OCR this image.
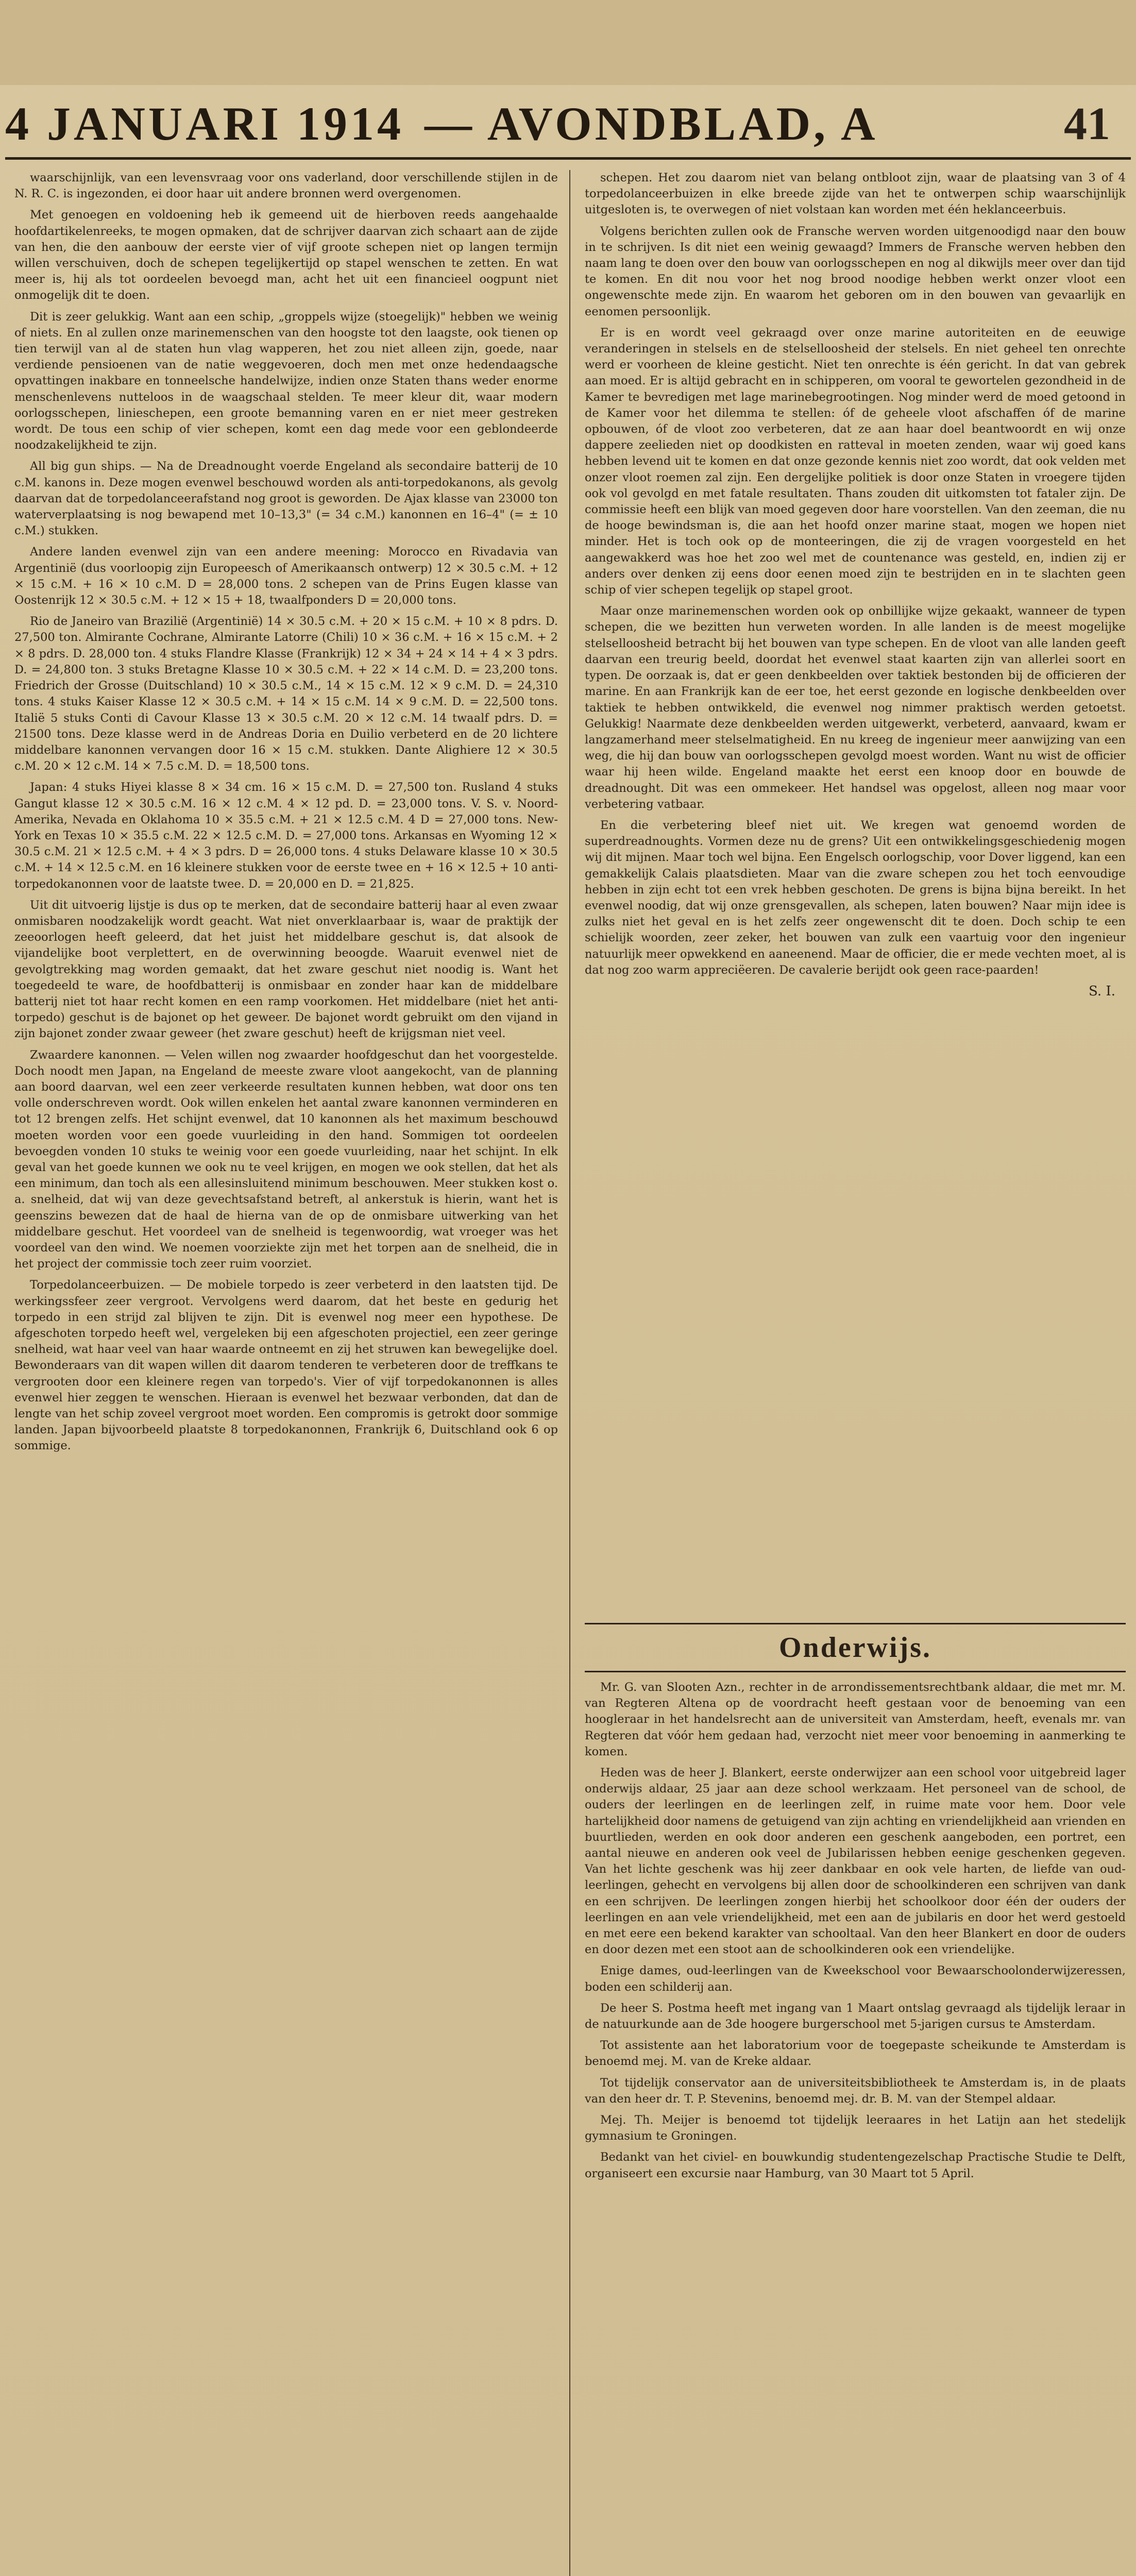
4 JANUARI 1914 — AVONDBLAD, A	41

waarschijnlijk, van een levensvraag voor ons vaderland, door verschillende stijlen in de N. R. C. is ingezonden, ei door haar uit andere bronnen werd overgenomen.

Met genoegen en voldoening heb ik gemeend uit de hierboven reeds aangehaalde hoofdartikelenreeks, te mogen opmaken, dat de schrijver daarvan zich schaart aan de zijde van hen, die den aanbouw der eerste vier of vijf groote schepen niet op langen termijn willen verschuiven, doch de schepen tegelijkertijd op stapel wenschen te zetten. En wat meer is, hij als tot oordeelen bevoegd man, acht het uit een financieel oogpunt niet onmogelijk dit te doen.

Dit is zeer gelukkig. Want aan een schip, „groppels wijze (stoegelijk)" hebben we weinig of niets. En al zullen onze marinemenschen van den hoogste tot den laagste, ook tienen op tien terwijl van al de staten hun vlag wapperen, het zou niet alleen zijn, goede, naar verdiende pensioenen van de natie weggevoeren, doch men met onze hedendaagsche opvattingen inakbare en tonneelsche handelwijze, indien onze Staten thans weder enorme menschenlevens nutteloos in de waagschaal stelden. Te meer kleur dit, waar modern oorlogsschepen, linieschepen, een groote bemanning varen en er niet meer gestreken wordt. De tous een schip of vier schepen, komt een dag mede voor een geblondeerde noodzakelijkheid te zijn.

All big gun ships. — Na de Dreadnought voerde Engeland als secondaire batterij de 10 c.M. kanons in. Deze mogen evenwel beschouwd worden als anti-torpedokanons, als gevolg daarvan dat de torpedolanceerafstand nog groot is geworden. De Ajax klasse van 23000 ton waterverplaatsing is nog bewapend met 10–13,3" (= 34 c.M.) kanonnen en 16–4" (= ± 10 c.M.) stukken.

Andere landen evenwel zijn van een andere meening: Morocco en Rivadavia van Argentinië (dus voorloopig zijn Europeesch of Amerikaansch ontwerp) 12 × 30.5 c.M. + 12 × 15 c.M. + 16 × 10 c.M. D = 28,000 tons. 2 schepen van de Prins Eugen klasse van Oostenrijk 12 × 30.5 c.M. + 12 × 15 + 18, twaalfponders D = 20,000 tons.

Rio de Janeiro van Brazilië (Argentinië) 14 × 30.5 c.M. + 20 × 15 c.M. + 10 × 8 pdrs. D. 27,500 ton. Almirante Cochrane, Almirante Latorre (Chili) 10 × 36 c.M. + 16 × 15 c.M. + 2 × 8 pdrs. D. 28,000 ton. 4 stuks Flandre Klasse (Frankrijk) 12 × 34 + 24 × 14 + 4 × 3 pdrs. D. = 24,800 ton. 3 stuks Bretagne Klasse 10 × 30.5 c.M. + 22 × 14 c.M. D. = 23,200 tons. Friedrich der Grosse (Duitschland) 10 × 30.5 c.M., 14 × 15 c.M. 12 × 9 c.M. D. = 24,310 tons. 4 stuks Kaiser Klasse 12 × 30.5 c.M. + 14 × 15 c.M. 14 × 9 c.M. D. = 22,500 tons. Italië 5 stuks Conti di Cavour Klasse 13 × 30.5 c.M. 20 × 12 c.M. 14 twaalf pdrs. D. = 21500 tons. Deze klasse werd in de Andreas Doria en Duilio verbeterd en de 20 lichtere middelbare kanonnen vervangen door 16 × 15 c.M. stukken. Dante Alighiere 12 × 30.5 c.M. 20 × 12 c.M. 14 × 7.5 c.M. D. = 18,500 tons.

Japan: 4 stuks Hiyei klasse 8 × 34 cm. 16 × 15 c.M. D. = 27,500 ton. Rusland 4 stuks Gangut klasse 12 × 30.5 c.M. 16 × 12 c.M. 4 × 12 pd. D. = 23,000 tons. V. S. v. Noord-Amerika, Nevada en Oklahoma 10 × 35.5 c.M. + 21 × 12.5 c.M. 4 D = 27,000 tons. New-York en Texas 10 × 35.5 c.M. 22 × 12.5 c.M. D. = 27,000 tons. Arkansas en Wyoming 12 × 30.5 c.M. 21 × 12.5 c.M. + 4 × 3 pdrs. D = 26,000 tons. 4 stuks Delaware klasse 10 × 30.5 c.M. + 14 × 12.5 c.M. en 16 kleinere stukken voor de eerste twee en + 16 × 12.5 + 10 anti-torpedokanonnen voor de laatste twee. D. = 20,000 en D. = 21,825.

Uit dit uitvoerig lijstje is dus op te merken, dat de secondaire batterij haar al even zwaar onmisbaren noodzakelijk wordt geacht. Wat niet onverklaarbaar is, waar de praktijk der zeeoorlogen heeft geleerd, dat het juist het middelbare geschut is, dat alsook de vijandelijke boot verplettert, en de overwinning beoogde. Waaruit evenwel niet de gevolgtrekking mag worden gemaakt, dat het zware geschut niet noodig is. Want het toegedeeld te ware, de hoofdbatterij is onmisbaar en zonder haar kan de middelbare batterij niet tot haar recht komen en een ramp voorkomen. Het middelbare (niet het anti-torpedo) geschut is de bajonet op het geweer. De bajonet wordt gebruikt om den vijand in zijn bajonet zonder zwaar geweer (het zware geschut) heeft de krijgsman niet veel.

Zwaardere kanonnen. — Velen willen nog zwaarder hoofdgeschut dan het voorgestelde. Doch noodt men Japan, na Engeland de meeste zware vloot aangekocht, van de planning aan boord daarvan, wel een zeer verkeerde resultaten kunnen hebben, wat door ons ten volle onderschreven wordt. Ook willen enkelen het aantal zware kanonnen verminderen en tot 12 brengen zelfs. Het schijnt evenwel, dat 10 kanonnen als het maximum beschouwd moeten worden voor een goede vuurleiding in den hand. Sommigen tot oordeelen bevoegden vonden 10 stuks te weinig voor een goede vuurleiding, naar het schijnt. In elk geval van het goede kunnen we ook nu te veel krijgen, en mogen we ook stellen, dat het als een minimum, dan toch als een allesinsluitend minimum beschouwen. Meer stukken kost o. a. snelheid, dat wij van deze gevechtsafstand betreft, al ankerstuk is hierin, want het is geenszins bewezen dat de haal de hierna van de op de onmisbare uitwerking van het middelbare geschut. Het voordeel van de snelheid is tegenwoordig, wat vroeger was het voordeel van den wind. We noemen voorziekte zijn met het torpen aan de snelheid, die in het project der commissie toch zeer ruim voorziet.

Torpedolanceerbuizen. — De mobiele torpedo is zeer verbeterd in den laatsten tijd. De werkingssfeer zeer vergroot. Vervolgens werd daarom, dat het beste en gedurig het torpedo in een strijd zal blijven te zijn. Dit is evenwel nog meer een hypothese. De afgeschoten torpedo heeft wel, vergeleken bij een afgeschoten projectiel, een zeer geringe snelheid, wat haar veel van haar waarde ontneemt en zij het struwen kan bewegelijke doel. Bewonderaars van dit wapen willen dit daarom tenderen te verbeteren door de treffkans te vergrooten door een kleinere regen van torpedo's. Vier of vijf torpedokanonnen is alles evenwel hier zeggen te wenschen. Hieraan is evenwel het bezwaar verbonden, dat dan de lengte van het schip zoveel vergroot moet worden. Een compromis is getrokt door sommige landen. Japan bijvoorbeeld plaatste 8 torpedokanonnen, Frankrijk 6, Duitschland ook 6 op sommige.

schepen. Het zou daarom niet van belang ontbloot zijn, waar de plaatsing van 3 of 4 torpedolanceerbuizen in elke breede zijde van het te ontwerpen schip waarschijnlijk uitgesloten is, te overwegen of niet volstaan kan worden met één heklanceerbuis.

Volgens berichten zullen ook de Fransche werven worden uitgenoodigd naar den bouw in te schrijven. Is dit niet een weinig gewaagd? Immers de Fransche werven hebben den naam lang te doen over den bouw van oorlogsschepen en nog al dikwijls meer over dan tijd te komen. En dit nou voor het nog brood noodige hebben werkt onzer vloot een ongewenschte mede zijn. En waarom het geboren om in den bouwen van gevaarlijk en eenomen persoonlijk.

Er is en wordt veel gekraagd over onze marine autoriteiten en de eeuwige veranderingen in stelsels en de stelselloosheid der stelsels. En niet geheel ten onrechte werd er voorheen de kleine gesticht. Niet ten onrechte is één gericht. In dat van gebrek aan moed. Er is altijd gebracht en in schipperen, om vooral te gewortelen gezondheid in de Kamer te bevredigen met lage marinebegrootingen. Nog minder werd de moed getoond in de Kamer voor het dilemma te stellen: óf de geheele vloot afschaffen óf de marine opbouwen, óf de vloot zoo verbeteren, dat ze aan haar doel beantwoordt en wij onze dappere zeelieden niet op doodkisten en ratteval in moeten zenden, waar wij goed kans hebben levend uit te komen en dat onze gezonde kennis niet zoo wordt, dat ook velden met onzer vloot roemen zal zijn. Een dergelijke politiek is door onze Staten in vroegere tijden ook vol gevolgd en met fatale resultaten. Thans zouden dit uitkomsten tot fataler zijn. De commissie heeft een blijk van moed gegeven door hare voorstellen. Van den zeeman, die nu de hooge bewindsman is, die aan het hoofd onzer marine staat, mogen we hopen niet minder. Het is toch ook op de monteeringen, die zij de vragen voorgesteld en het aangewakkerd was hoe het zoo wel met de countenance was gesteld, en, indien zij er anders over denken zij eens door eenen moed zijn te bestrijden en in te slachten geen schip of vier schepen tegelijk op stapel groot.

Maar onze marinemenschen worden ook op onbillijke wijze gekaakt, wanneer de typen schepen, die we bezitten hun verweten worden. In alle landen is de meest mogelijke stelselloosheid betracht bij het bouwen van type schepen. En de vloot van alle landen geeft daarvan een treurig beeld, doordat het evenwel staat kaarten zijn van allerlei soort en typen. De oorzaak is, dat er geen denkbeelden over taktiek bestonden bij de officieren der marine. En aan Frankrijk kan de eer toe, het eerst gezonde en logische denkbeelden over taktiek te hebben ontwikkeld, die evenwel nog nimmer praktisch werden getoetst. Gelukkig! Naarmate deze denkbeelden werden uitgewerkt, verbeterd, aanvaard, kwam er langzamerhand meer stelselmatigheid. En nu kreeg de ingenieur meer aanwijzing van een weg, die hij dan bouw van oorlogsschepen gevolgd moest worden. Want nu wist de officier waar hij heen wilde. Engeland maakte het eerst een knoop door en bouwde de dreadnought. Dit was een ommekeer. Het handsel was opgelost, alleen nog maar voor verbetering vatbaar.

En die verbetering bleef niet uit. We kregen wat genoemd worden de superdreadnoughts. Vormen deze nu de grens? Uit een ontwikkelingsgeschiedenig mogen wij dit mijnen. Maar toch wel bijna. Een Engelsch oorlogschip, voor Dover liggend, kan een gemakkelijk Calais plaatsdieten. Maar van die zware schepen zou het toch eenvoudige hebben in zijn echt tot een vrek hebben geschoten. De grens is bijna bijna bereikt. In het evenwel noodig, dat wij onze grensgevallen, als schepen, laten bouwen? Naar mijn idee is zulks niet het geval en is het zelfs zeer ongewenscht dit te doen. Doch schip te een schielijk woorden, zeer zeker, het bouwen van zulk een vaartuig voor den ingenieur natuurlijk meer opwekkend en aaneenend. Maar de officier, die er mede vechten moet, al is dat nog zoo warm appreciëeren. De cavalerie berijdt ook geen race-paarden!

S. I.
Onderwijs.

Mr. G. van Slooten Azn., rechter in de arrondissementsrechtbank aldaar, die met mr. M. van Regteren Altena op de voordracht heeft gestaan voor de benoeming van een hoogleraar in het handelsrecht aan de universiteit van Amsterdam, heeft, evenals mr. van Regteren dat vóór hem gedaan had, verzocht niet meer voor benoeming in aanmerking te komen.

Heden was de heer J. Blankert, eerste onderwijzer aan een school voor uitgebreid lager onderwijs aldaar, 25 jaar aan deze school werkzaam. Het personeel van de school, de ouders der leerlingen en de leerlingen zelf, in ruime mate voor hem. Door vele hartelijkheid door namens de getuigend van zijn achting en vriendelijkheid aan vrienden en buurtlieden, werden en ook door anderen een geschenk aangeboden, een portret, een aantal nieuwe en anderen ook veel de Jubilarissen hebben eenige geschenken gegeven. Van het lichte geschenk was hij zeer dankbaar en ook vele harten, de liefde van oud-leerlingen, gehecht en vervolgens bij allen door de schoolkinderen een schrijven van dank en een schrijven. De leerlingen zongen hierbij het schoolkoor door één der ouders der leerlingen en aan vele vriendelijkheid, met een aan de jubilaris en door het werd gestoeld en met eere een bekend karakter van schooltaal. Van den heer Blankert en door de ouders en door dezen met een stoot aan de schoolkinderen ook een vriendelijke.

Enige dames, oud-leerlingen van de Kweekschool voor Bewaarschoolonderwijzeressen, boden een schilderij aan.

De heer S. Postma heeft met ingang van 1 Maart ontslag gevraagd als tijdelijk leraar in de natuurkunde aan de 3de hoogere burgerschool met 5-jarigen cursus te Amsterdam.

Tot assistente aan het laboratorium voor de toegepaste scheikunde te Amsterdam is benoemd mej. M. van de Kreke aldaar.

Tot tijdelijk conservator aan de universiteitsbibliotheek te Amsterdam is, in de plaats van den heer dr. T. P. Stevenins, benoemd mej. dr. B. M. van der Stempel aldaar.

Mej. Th. Meijer is benoemd tot tijdelijk leeraares in het Latijn aan het stedelijk gymnasium te Groningen.

Bedankt van het civiel- en bouwkundig studentengezelschap Practische Studie te Delft, organiseert een excursie naar Hamburg, van 30 Maart tot 5 April.
